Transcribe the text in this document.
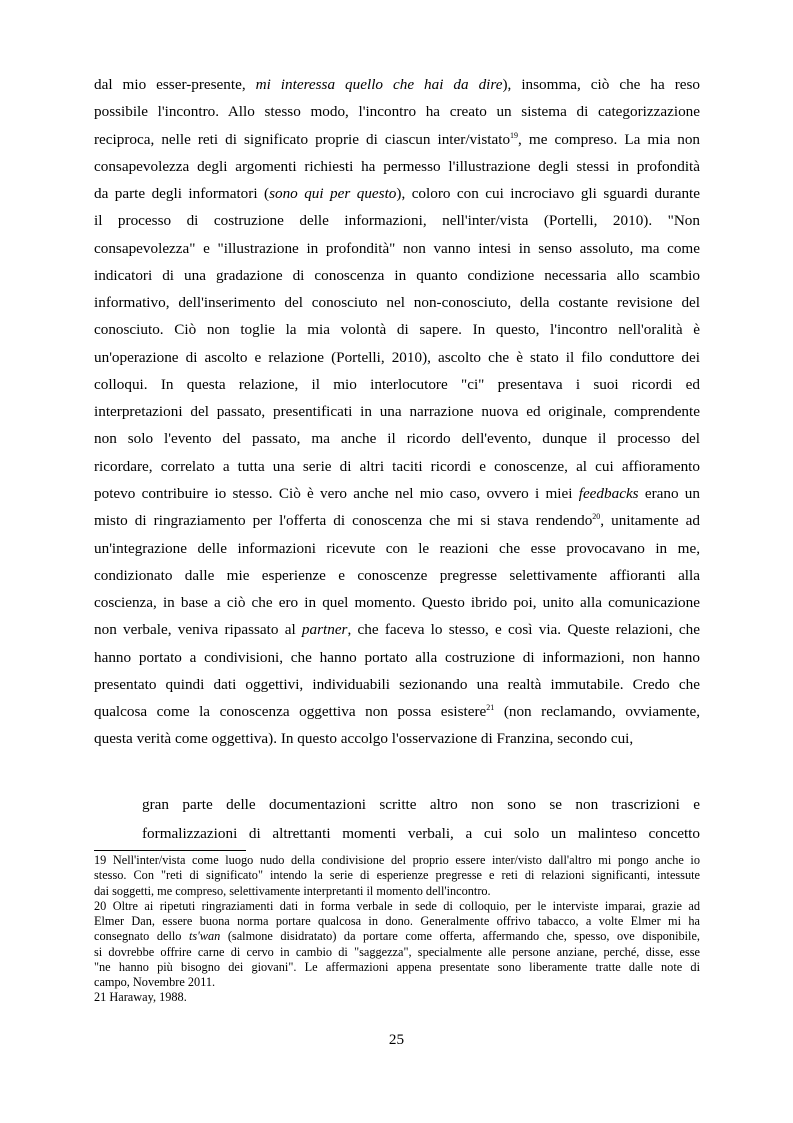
dal mio esser-presente, mi interessa quello che hai da dire), insomma, ciò che ha reso
possibile l'incontro. Allo stesso modo, l'incontro ha creato un sistema di categorizzazione
reciproca, nelle reti di significato proprie di ciascun inter/vistato$^{19}$, me compreso. La mia non
consapevolezza degli argomenti richiesti ha permesso l'illustrazione degli stessi in profondità
da parte degli informatori (sono qui per questo), coloro con cui incrociavo gli sguardi durante
il processo di costruzione delle informazioni, nell'inter/vista (Portelli, 2010). "Non
consapevolezza" e "illustrazione in profondità" non vanno intesi in senso assoluto, ma come
indicatori di una gradazione di conoscenza in quanto condizione necessaria allo scambio
informativo, dell'inserimento del conosciuto nel non-conosciuto, della costante revisione del
conosciuto. Ciò non toglie la mia volontà di sapere. In questo, l'incontro nell'oralità è
un'operazione di ascolto e relazione (Portelli, 2010), ascolto che è stato il filo conduttore dei
colloqui. In questa relazione, il mio interlocutore "ci" presentava i suoi ricordi ed
interpretazioni del passato, presentificati in una narrazione nuova ed originale, comprendente
non solo l'evento del passato, ma anche il ricordo dell'evento, dunque il processo del
ricordare, correlato a tutta una serie di altri taciti ricordi e conoscenze, al cui affioramento
potevo contribuire io stesso. Ciò è vero anche nel mio caso, ovvero i miei feedbacks erano un
misto di ringraziamento per l'offerta di conoscenza che mi si stava rendendo$^{20}$, unitamente ad
un'integrazione delle informazioni ricevute con le reazioni che esse provocavano in me,
condizionato dalle mie esperienze e conoscenze pregresse selettivamente affioranti alla
coscienza, in base a ciò che ero in quel momento. Questo ibrido poi, unito alla comunicazione
non verbale, veniva ripassato al partner, che faceva lo stesso, e così via. Queste relazioni, che
hanno portato a condivisioni, che hanno portato alla costruzione di informazioni, non hanno
presentato quindi dati oggettivi, individuabili sezionando una realtà immutabile. Credo che
qualcosa come la conoscenza oggettiva non possa esistere$^{21}$ (non reclamando, ovviamente,
questa verità come oggettiva). In questo accolgo l'osservazione di Franzina, secondo cui,
gran parte delle documentazioni scritte altro non sono se non trascrizioni e
formalizzazioni di altrettanti momenti verbali, a cui solo un malinteso concetto
19 Nell'inter/vista come luogo nudo della condivisione del proprio essere inter/visto dall'altro mi pongo anche io
stesso. Con "reti di significato" intendo la serie di esperienze pregresse e reti di relazioni significanti, intessute
dai soggetti, me compreso, selettivamente interpretanti il momento dell'incontro.
20 Oltre ai ripetuti ringraziamenti dati in forma verbale in sede di colloquio, per le interviste imparai, grazie ad
Elmer Dan, essere buona norma portare qualcosa in dono. Generalmente offrivo tabacco, a volte Elmer mi ha
consegnato dello ts'wan (salmone disidratato) da portare come offerta, affermando che, spesso, ove disponibile,
si dovrebbe offrire carne di cervo in cambio di "saggezza", specialmente alle persone anziane, perché, disse, esse
"ne hanno più bisogno dei giovani". Le affermazioni appena presentate sono liberamente tratte dalle note di
campo, Novembre 2011.
21 Haraway, 1988.
25
